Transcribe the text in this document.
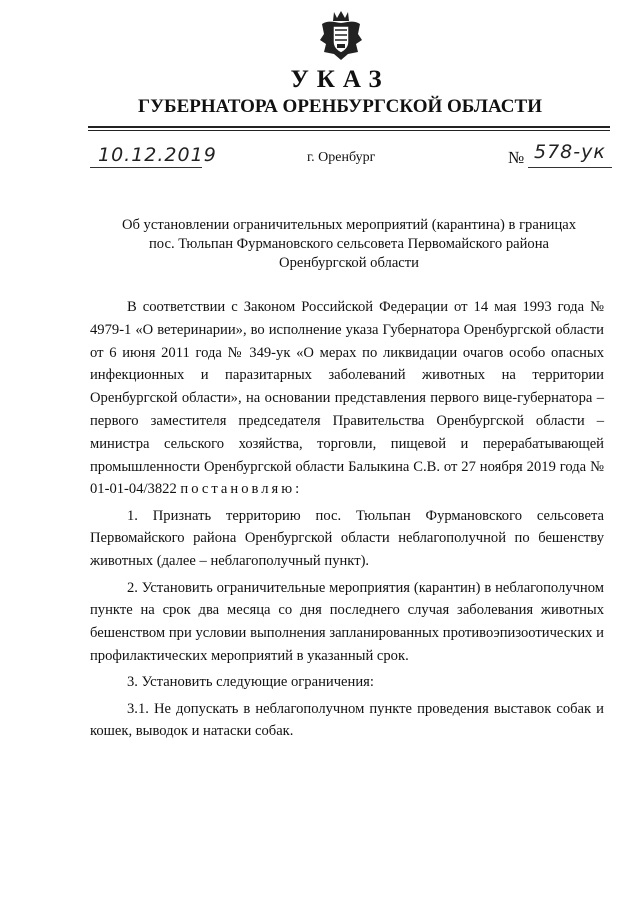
УКАЗ
ГУБЕРНАТОРА ОРЕНБУРГСКОЙ ОБЛАСТИ
10.12.2019	г. Оренбург	№ 578-ук
Об установлении ограничительных мероприятий (карантина) в границах
пос. Тюльпан Фурмановского сельсовета Первомайского района
Оренбургской области

В соответствии с Законом Российской Федерации от 14 мая 1993 года № 4979-1 «О ветеринарии», во исполнение указа Губернатора Оренбургской области от 6 июня 2011 года № 349-ук «О мерах по ликвидации очагов особо опасных инфекционных и паразитарных заболеваний животных на территории Оренбургской области», на основании представления первого вице-губернатора – первого заместителя председателя Правительства Оренбургской области – министра сельского хозяйства, торговли, пищевой и перерабатывающей промышленности Оренбургской области Балыкина С.В. от 27 ноября 2019 года № 01-01-04/3822 постановляю:

1. Признать территорию пос. Тюльпан Фурмановского сельсовета Первомайского района Оренбургской области неблагополучной по бешенству животных (далее – неблагополучный пункт).

2. Установить ограничительные мероприятия (карантин) в неблагополучном пункте на срок два месяца со дня последнего случая заболевания животных бешенством при условии выполнения запланированных противоэпизоотических и профилактических мероприятий в указанный срок.

3. Установить следующие ограничения:

3.1. Не допускать в неблагополучном пункте проведения выставок собак и кошек, выводок и натаски собак.
